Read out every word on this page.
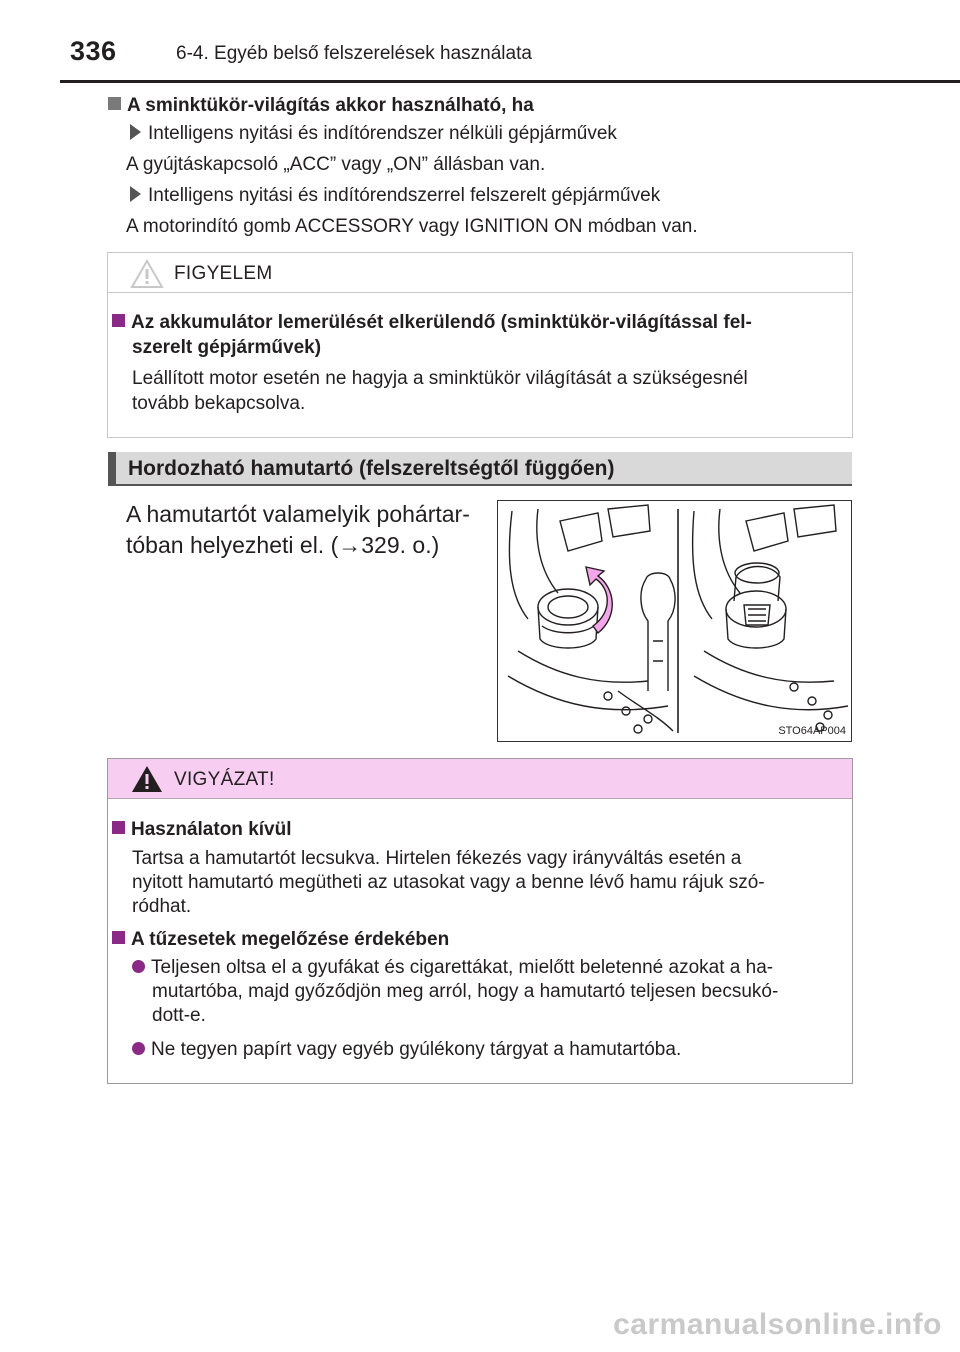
336	6-4. Egyéb belső felszerelések használata
A sminktükör-világítás akkor használható, ha
Intelligens nyitási és indítórendszer nélküli gépjárművek
A gyújtáskapcsoló „ACC” vagy „ON” állásban van.
Intelligens nyitási és indítórendszerrel felszerelt gépjárművek
A motorindító gomb ACCESSORY vagy IGNITION ON módban van.
FIGYELEM
Az akkumulátor lemerülését elkerülendő (sminktükör-világítással fel-
szerelt gépjárművek)
Leállított motor esetén ne hagyja a sminktükör világítását a szükségesnél
tovább bekapcsolva.
Hordozható hamutartó (felszereltségtől függően)
A hamutartót valamelyik pohártar-
tóban helyezheti el. (→329. o.)
STO64AP004
VIGYÁZAT!
Használaton kívül
Tartsa a hamutartót lecsukva. Hirtelen fékezés vagy irányváltás esetén a
nyitott hamutartó megütheti az utasokat vagy a benne lévő hamu rájuk szó-
ródhat.
A tűzesetek megelőzése érdekében
Teljesen oltsa el a gyufákat és cigarettákat, mielőtt beletenné azokat a ha-
mutartóba, majd győződjön meg arról, hogy a hamutartó teljesen becsukó-
dott-e.
Ne tegyen papírt vagy egyéb gyúlékony tárgyat a hamutartóba.
carmanualsonline.info
